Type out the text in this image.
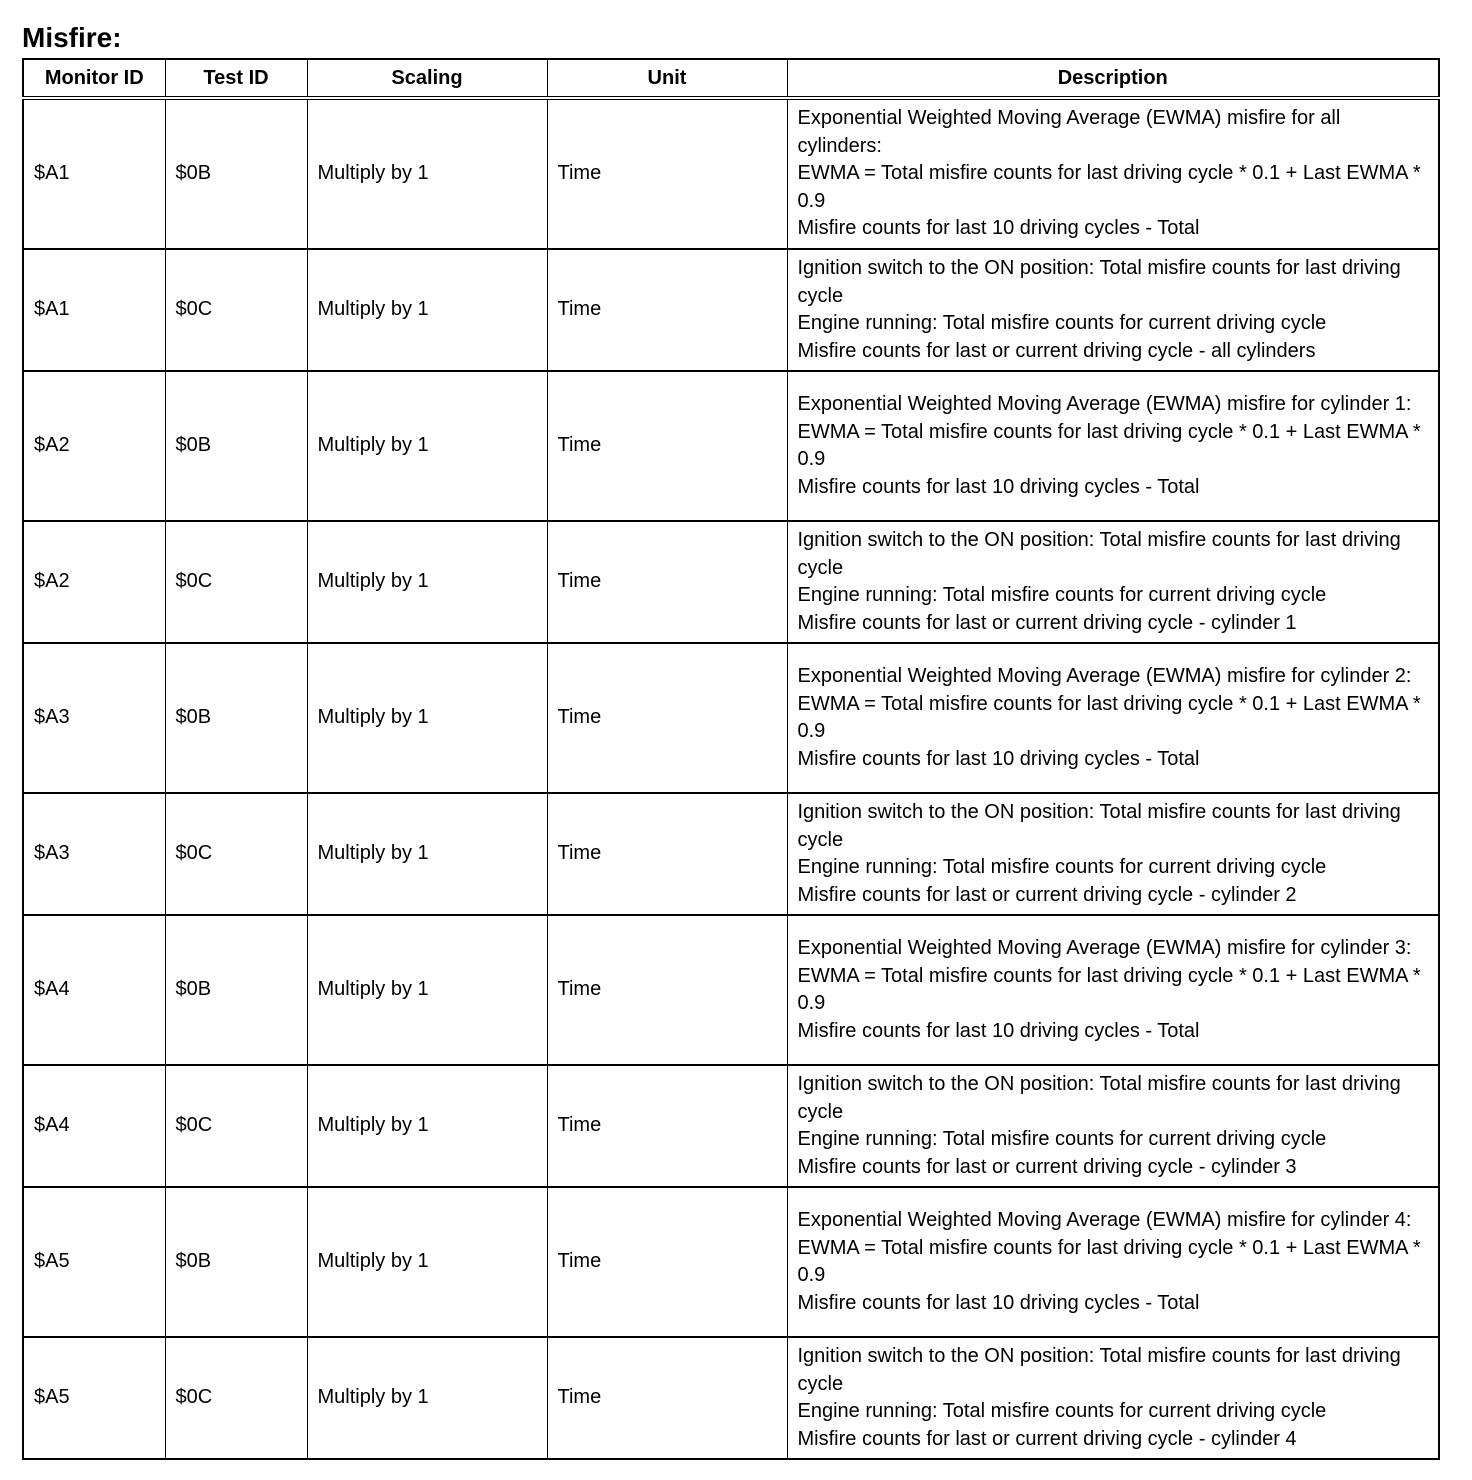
Misfire:
Monitor ID	Test ID	Scaling	Unit	Description
$A1	$0B	Multiply by 1	Time	Exponential Weighted Moving Average (EWMA) misfire for all cylinders:
EWMA = Total misfire counts for last driving cycle * 0.1 + Last EWMA * 0.9
Misfire counts for last 10 driving cycles - Total

$A1	$0C	Multiply by 1	Time	Ignition switch to the ON position: Total misfire counts for last driving cycle
Engine running: Total misfire counts for current driving cycle
Misfire counts for last or current driving cycle - all cylinders

$A2	$0B	Multiply by 1	Time	Exponential Weighted Moving Average (EWMA) misfire for cylinder 1:
EWMA = Total misfire counts for last driving cycle * 0.1 + Last EWMA * 0.9
Misfire counts for last 10 driving cycles - Total

$A2	$0C	Multiply by 1	Time	Ignition switch to the ON position: Total misfire counts for last driving cycle
Engine running: Total misfire counts for current driving cycle
Misfire counts for last or current driving cycle - cylinder 1

$A3	$0B	Multiply by 1	Time	Exponential Weighted Moving Average (EWMA) misfire for cylinder 2:
EWMA = Total misfire counts for last driving cycle * 0.1 + Last EWMA * 0.9
Misfire counts for last 10 driving cycles - Total

$A3	$0C	Multiply by 1	Time	Ignition switch to the ON position: Total misfire counts for last driving cycle
Engine running: Total misfire counts for current driving cycle
Misfire counts for last or current driving cycle - cylinder 2

$A4	$0B	Multiply by 1	Time	Exponential Weighted Moving Average (EWMA) misfire for cylinder 3:
EWMA = Total misfire counts for last driving cycle * 0.1 + Last EWMA * 0.9
Misfire counts for last 10 driving cycles - Total

$A4	$0C	Multiply by 1	Time	Ignition switch to the ON position: Total misfire counts for last driving cycle
Engine running: Total misfire counts for current driving cycle
Misfire counts for last or current driving cycle - cylinder 3

$A5	$0B	Multiply by 1	Time	Exponential Weighted Moving Average (EWMA) misfire for cylinder 4:
EWMA = Total misfire counts for last driving cycle * 0.1 + Last EWMA * 0.9
Misfire counts for last 10 driving cycles - Total

$A5	$0C	Multiply by 1	Time	Ignition switch to the ON position: Total misfire counts for last driving cycle
Engine running: Total misfire counts for current driving cycle
Misfire counts for last or current driving cycle - cylinder 4
